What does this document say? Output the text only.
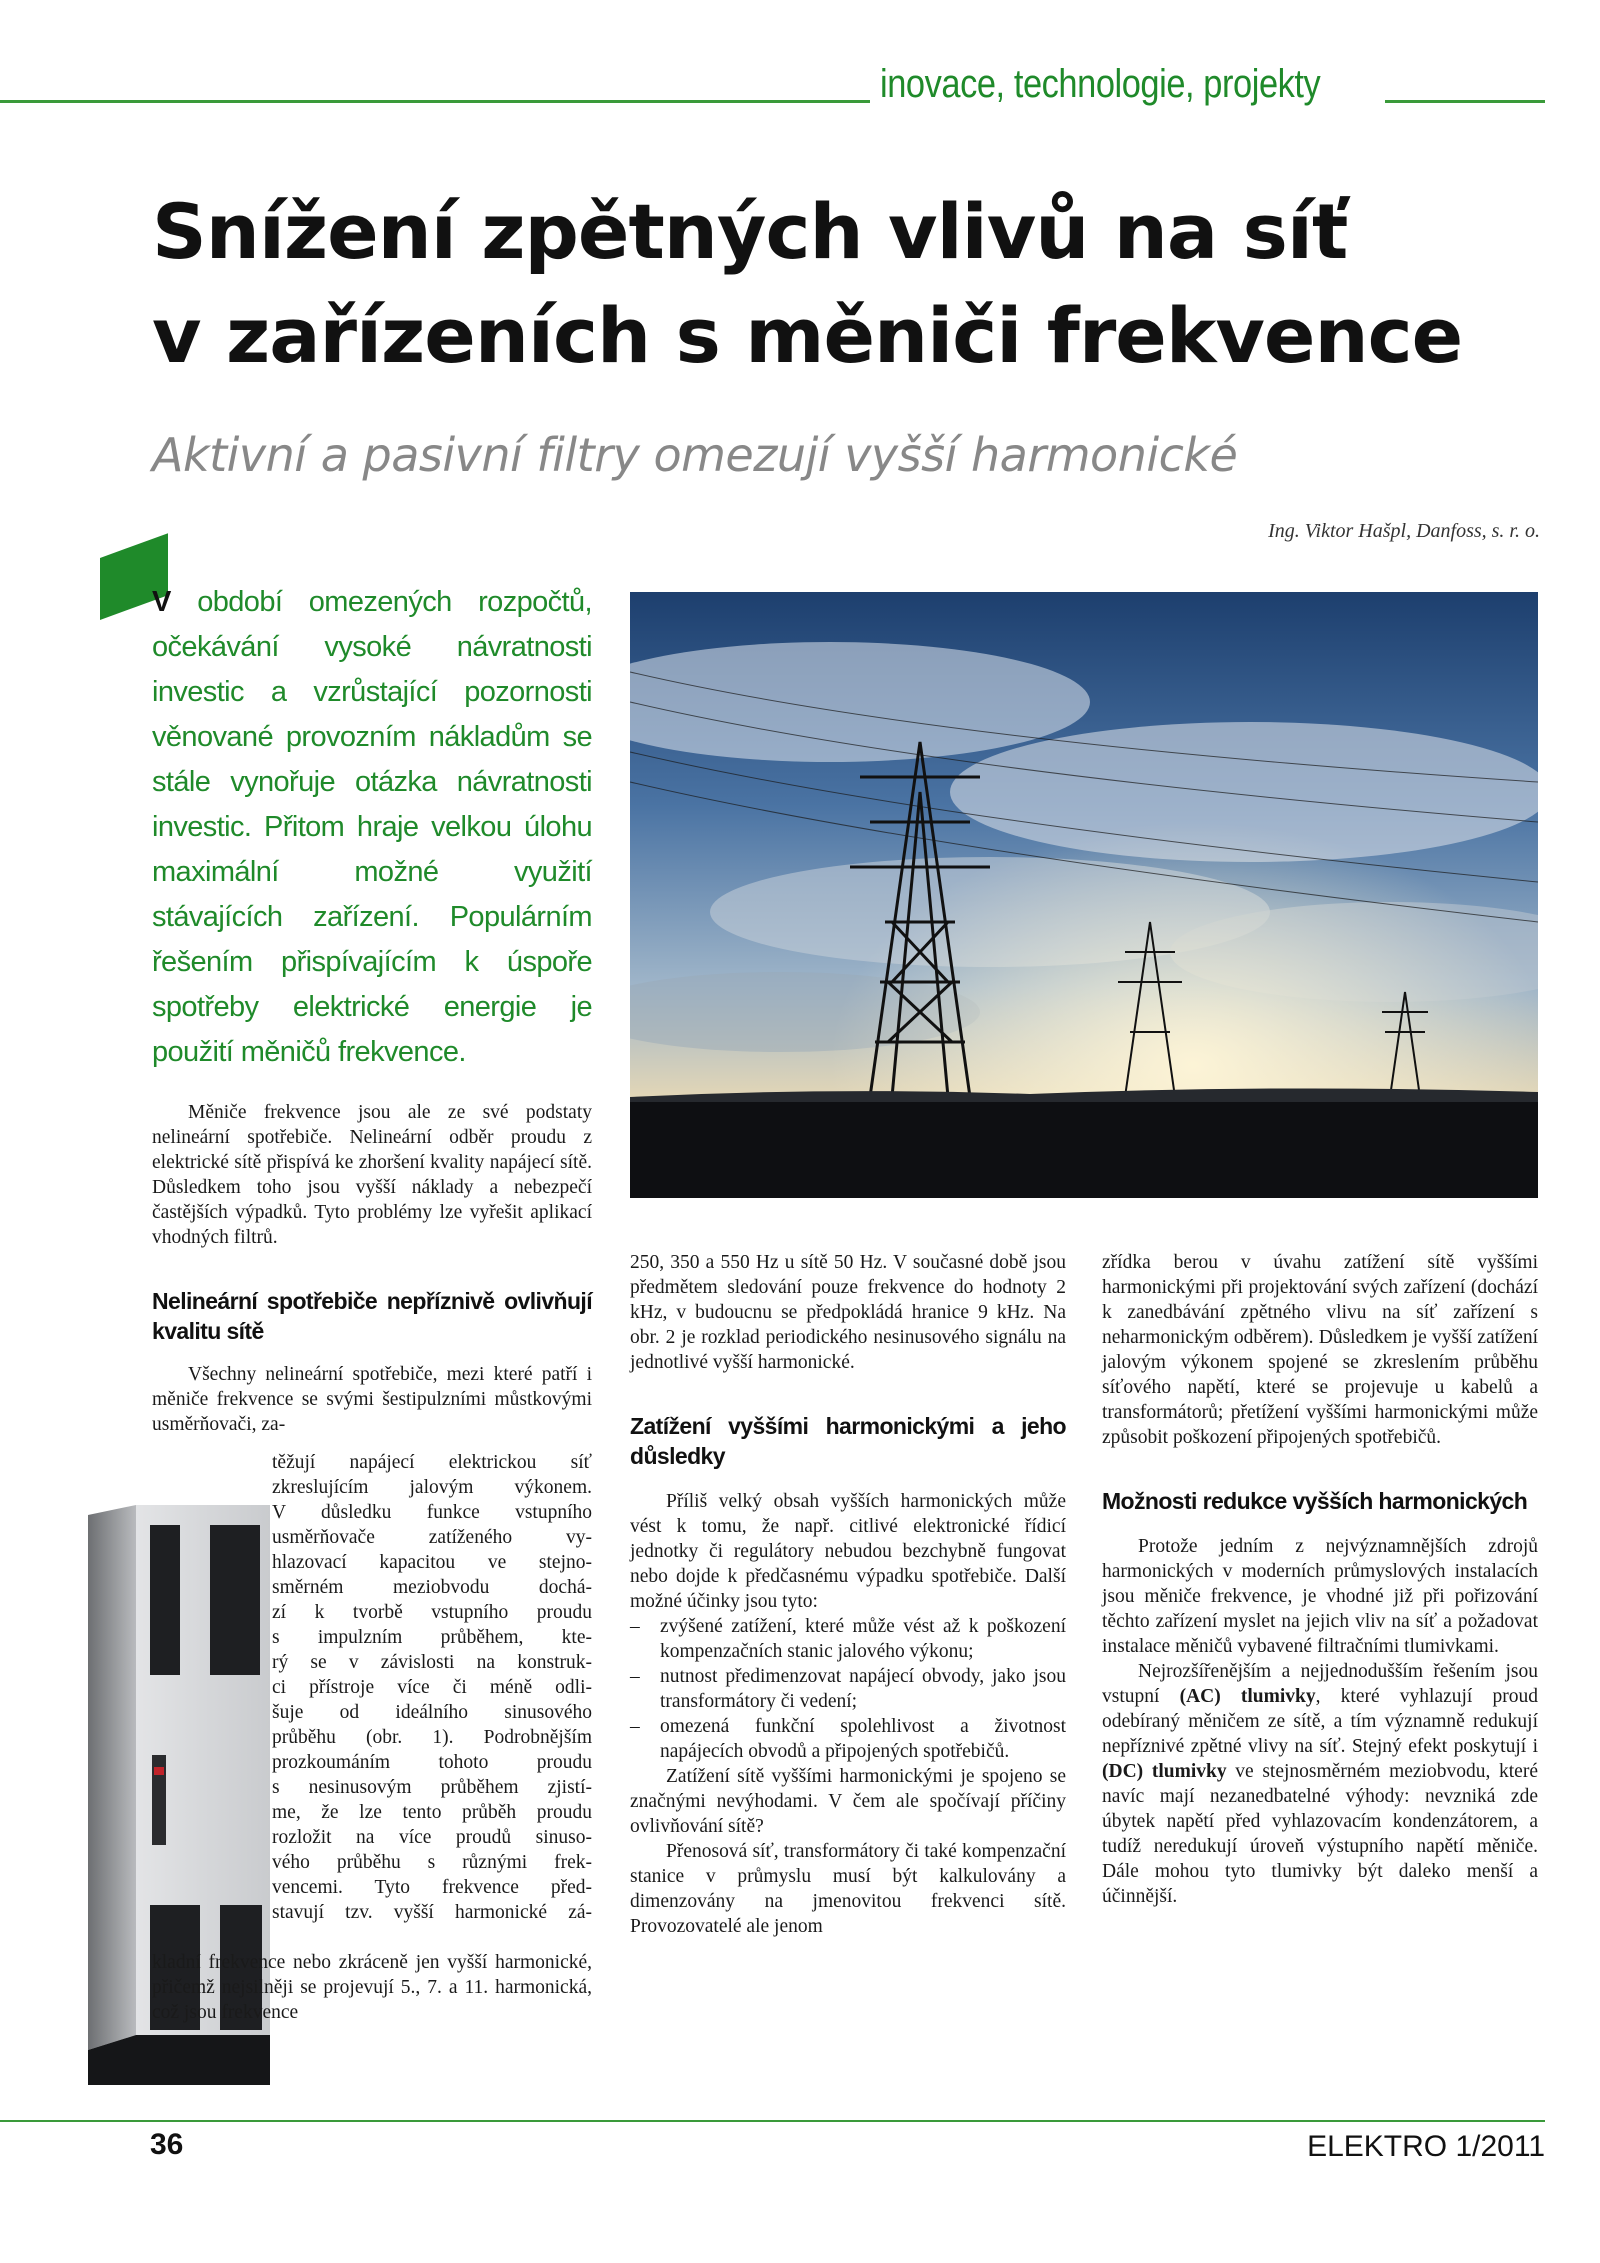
inovace, technologie, projekty
Snížení zpětných vlivů na síť
v zařízeních s měniči frekvence
Aktivní a pasivní filtry omezují vyšší harmonické
Ing. Viktor Hašpl, Danfoss, s. r. o.
V období omezených rozpočtů, očekávání vysoké návratnosti investic a vzrůstající pozornosti věnované provozním nákladům se stále vynořuje otázka návratnosti investic. Přitom hraje velkou úlohu maximální možné využití stávajících zařízení. Populárním řešením přispívajícím k úspoře spotřeby elektrické energie je použití měničů frekvence.

Měniče frekvence jsou ale ze své podstaty nelineární spotřebiče. Nelineární odběr proudu z elektrické sítě přispívá ke zhoršení kvality napájecí sítě. Důsledkem toho jsou vyšší náklady a nebezpečí častějších výpadků. Tyto problémy lze vyřešit aplikací vhodných filtrů.

Nelineární spotřebiče nepříznivě ovlivňují kvalitu sítě

Všechny nelineární spotřebiče, mezi které patří i měniče frekvence se svými šestipulzními můstkovými usměrňovači, za-

těžují napájecí elektrickou síť
zkreslujícím jalovým výkonem.
V důsledku funkce vstupního
usměrňovače zatíženého vy-
hlazovací kapacitou ve stejno-
směrném meziobvodu dochá-
zí k tvorbě vstupního proudu
s impulzním průběhem, kte-
rý se v závislosti na konstruk-
ci přístroje více či méně odli-
šuje od ideálního sinusového
průběhu (obr. 1). Podrobnějším
prozkoumáním tohoto proudu
s nesinusovým průběhem zjistí-
me, že lze tento průběh proudu
rozložit na více proudů sinuso-
vého průběhu s různými frek-
vencemi. Tyto frekvence před-
stavují tzv. vyšší harmonické zá-

kladní frekvence nebo zkráceně jen vyšší harmonické, přičemž nejsilněji se projevují 5., 7. a 11. harmonická, což jsou frekvence

250, 350 a 550 Hz u sítě 50 Hz. V současné době jsou předmětem sledování pouze frekvence do hodnoty 2 kHz, v budoucnu se předpokládá hranice 9 kHz. Na obr. 2 je rozklad periodického nesinusového signálu na jednotlivé vyšší harmonické.

Zatížení vyššími harmonickými a jeho důsledky

Příliš velký obsah vyšších harmonických může vést k tomu, že např. citlivé elektronické řídicí jednotky či regulátory nebudou bezchybně fungovat nebo dojde k předčasnému výpadku spotřebiče. Další možné účinky jsou tyto:

– zvýšené zatížení, které může vést až k poškození kompenzačních stanic jalového výkonu;
– nutnost předimenzovat napájecí obvody, jako jsou transformátory či vedení;
– omezená funkční spolehlivost a životnost napájecích obvodů a připojených spotřebičů.

Zatížení sítě vyššími harmonickými je spojeno se značnými nevýhodami. V čem ale spočívají příčiny ovlivňování sítě?

Přenosová síť, transformátory či také kompenzační stanice v průmyslu musí být kalkulovány a dimenzovány na jmenovitou frekvenci sítě. Provozovatelé ale jenom

zřídka berou v úvahu zatížení sítě vyššími harmonickými při projektování svých zařízení (dochází k zanedbávání zpětného vlivu na síť zařízení s neharmonickým odběrem). Důsledkem je vyšší zatížení jalovým výkonem spojené se zkreslením průběhu síťového napětí, které se projevuje u kabelů a transformátorů; přetížení vyššími harmonickými může způsobit poškození připojených spotřebičů.

Možnosti redukce vyšších harmonických

Protože jedním z nejvýznamnějších zdrojů harmonických v moderních průmyslových instalacích jsou měniče frekvence, je vhodné již při pořizování těchto zařízení myslet na jejich vliv na síť a požadovat instalace měničů vybavené filtračními tlumivkami.

Nejrozšířenějším a nejjednodušším řešením jsou vstupní (AC) tlumivky, které vyhlazují proud odebíraný měničem ze sítě, a tím významně redukují nepříznivé zpětné vlivy na síť. Stejný efekt poskytují i (DC) tlumivky ve stejnosměrném meziobvodu, které navíc mají nezanedbatelné výhody: nevzniká zde úbytek napětí před vyhlazovacím kondenzátorem, a tudíž neredukují úroveň výstupního napětí měniče. Dále mohou tyto tlumivky být daleko menší a účinnější.

36	ELEKTRO 1/2011
